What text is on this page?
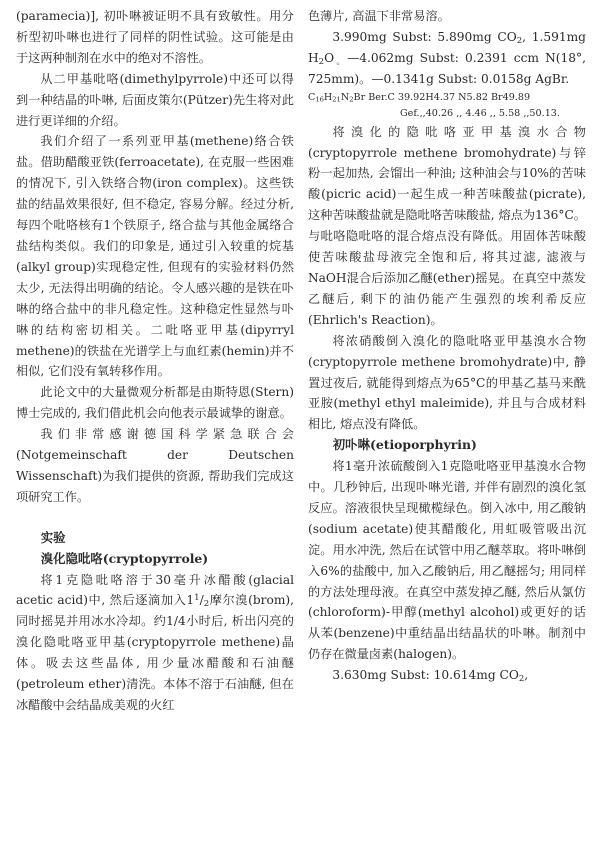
(paramecia)], 初卟啉被证明不具有致敏性。用分析型初卟啉也进行了同样的阴性试验。这可能是由于这两种制剂在水中的绝对不溶性。

从二甲基吡咯(dimethylpyrrole)中还可以得到一种结晶的卟啉, 后面皮策尔(Pützer)先生将对此进行更详细的介绍。

我们介绍了一系列亚甲基(methene)络合铁盐。借助醋酸亚铁(ferroacetate), 在克服一些困难的情况下, 引入铁络合物(iron complex)。这些铁盐的结晶效果很好, 但不稳定, 容易分解。经过分析, 每四个吡咯核有1个铁原子, 络合盐与其他金属络合盐结构类似。我们的印象是, 通过引入较重的烷基(alkyl group)实现稳定性, 但现有的实验材料仍然太少, 无法得出明确的结论。令人感兴趣的是铁在卟啉的络合盐中的非凡稳定性。这种稳定性显然与卟啉的结构密切相关。二吡咯亚甲基(dipyrryl methene)的铁盐在光谱学上与血红素(hemin)并不相似, 它们没有氧转移作用。

此论文中的大量微观分析都是由斯特恩(Stern)博士完成的, 我们借此机会向他表示最诚挚的谢意。

我们非常感谢德国科学紧急联合会(Notgemeinschaft der Deutschen Wissenschaft)为我们提供的资源, 帮助我们完成这项研究工作。

实验

溴化隐吡咯(cryptopyrrole)

将1克隐吡咯溶于30毫升冰醋酸(glacial acetic acid)中, 然后逐滴加入$1^1/_2$摩尔溴(brom), 同时摇晃并用冰水冷却。约1/4小时后, 析出闪亮的溴化隐吡咯亚甲基(cryptopyrrole methene)晶体。吸去这些晶体, 用少量冰醋酸和石油醚(petroleum ether)清洗。本体不溶于石油醚, 但在冰醋酸中会结晶成美观的火红

色薄片, 高温下非常易溶。

3.990mg Subst: 5.890mg $CO_2$, 1.591mg $H_2O_。—4.062mg$ Subst: 0.2391 ccm N(18°, 725mm)。—0.1341g Subst: 0.0158g AgBr.

$C_{16}H_{21}N_2Br$ Ber.C 39.92H4.37 N5.82 Br49.89
Gef.,,40.26 ,, 4.46 ,, 5.58 ,,50.13.

将溴化的隐吡咯亚甲基溴水合物(cryptopyrrole methene bromohydrate)与锌粉一起加热, 会馏出一种油; 这种油会与10%的苦味酸(picric acid)一起生成一种苦味酸盐(picrate), 这种苦味酸盐就是隐吡咯苦味酸盐, 熔点为136°C。与吡咯隐吡咯的混合熔点没有降低。用固体苦味酸使苦味酸盐母液完全饱和后, 将其过滤, 滤液与NaOH混合后添加乙醚(ether)摇晃。在真空中蒸发乙醚后, 剩下的油仍能产生强烈的埃利希反应(Ehrlich's Reaction)。

将浓硝酸倒入溴化的隐吡咯亚甲基溴水合物(cryptopyrrole methene bromohydrate)中, 静置过夜后, 就能得到熔点为65°C的甲基乙基马来酰亚胺(methyl ethyl maleimide), 并且与合成材料相比, 熔点没有降低。

初卟啉(etioporphyrin)

将1毫升浓硫酸倒入1克隐吡咯亚甲基溴水合物中。几秒钟后, 出现卟啉光谱, 并伴有剧烈的溴化氢反应。溶液很快呈现橄榄绿色。倒入冰中, 用乙酸钠(sodium acetate)使其醋酸化, 用虹吸管吸出沉淀。用水冲洗, 然后在试管中用乙醚萃取。将卟啉倒入6%的盐酸中, 加入乙酸钠后, 用乙醚摇匀; 用同样的方法处理母液。在真空中蒸发掉乙醚, 然后从氯仿(chloroform)-甲醇(methyl alcohol)或更好的话从苯(benzene)中重结晶出结晶状的卟啉。制剂中仍存在微量卤素(halogen)。

3.630mg Subst: 10.614mg $CO_2$,
